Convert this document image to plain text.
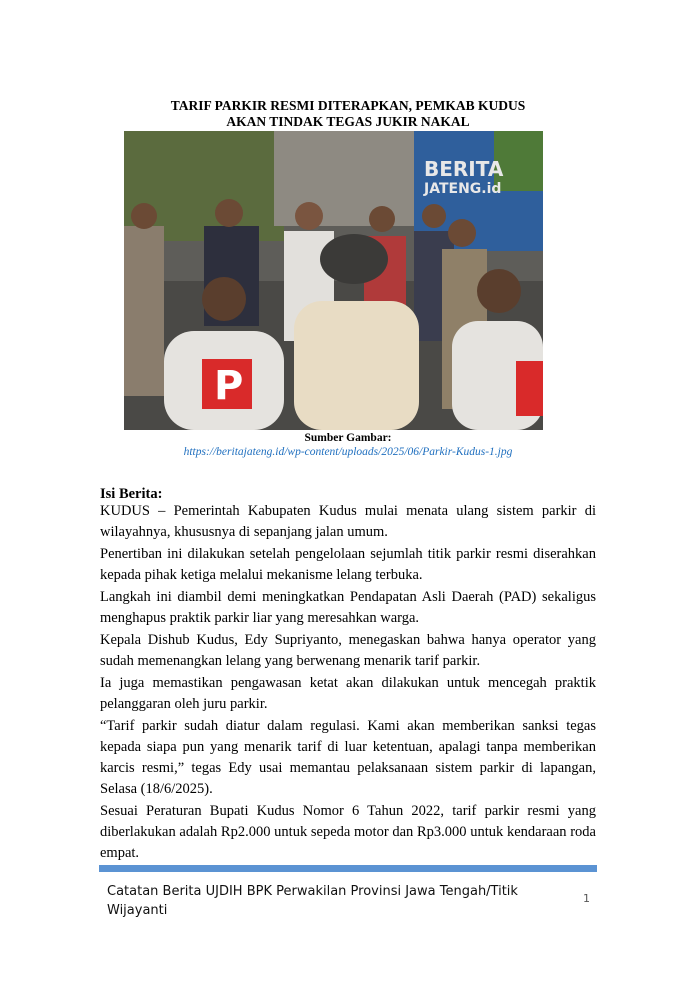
TARIF PARKIR RESMI DITERAPKAN, PEMKAB KUDUS
AKAN TINDAK TEGAS JUKIR NAKAL
BERITA
JATENG.id
P
Sumber Gambar:
https://beritajateng.id/wp-content/uploads/2025/06/Parkir-Kudus-1.jpg
Isi Berita:

KUDUS – Pemerintah Kabupaten Kudus mulai menata ulang sistem parkir di wilayahnya, khususnya di sepanjang jalan umum.

Penertiban ini dilakukan setelah pengelolaan sejumlah titik parkir resmi diserahkan kepada pihak ketiga melalui mekanisme lelang terbuka.

Langkah ini diambil demi meningkatkan Pendapatan Asli Daerah (PAD) sekaligus menghapus praktik parkir liar yang meresahkan warga.

Kepala Dishub Kudus, Edy Supriyanto, menegaskan bahwa hanya operator yang sudah memenangkan lelang yang berwenang menarik tarif parkir.

Ia juga memastikan pengawasan ketat akan dilakukan untuk mencegah praktik pelanggaran oleh juru parkir.

“Tarif parkir sudah diatur dalam regulasi. Kami akan memberikan sanksi tegas kepada siapa pun yang menarik tarif di luar ketentuan, apalagi tanpa memberikan karcis resmi,” tegas Edy usai memantau pelaksanaan sistem parkir di lapangan, Selasa (18/6/2025).

Sesuai Peraturan Bupati Kudus Nomor 6 Tahun 2022, tarif parkir resmi yang diberlakukan adalah Rp2.000 untuk sepeda motor dan Rp3.000 untuk kendaraan roda empat.

Catatan Berita UJDIH BPK Perwakilan Provinsi Jawa Tengah/Titik Wijayanti
1
